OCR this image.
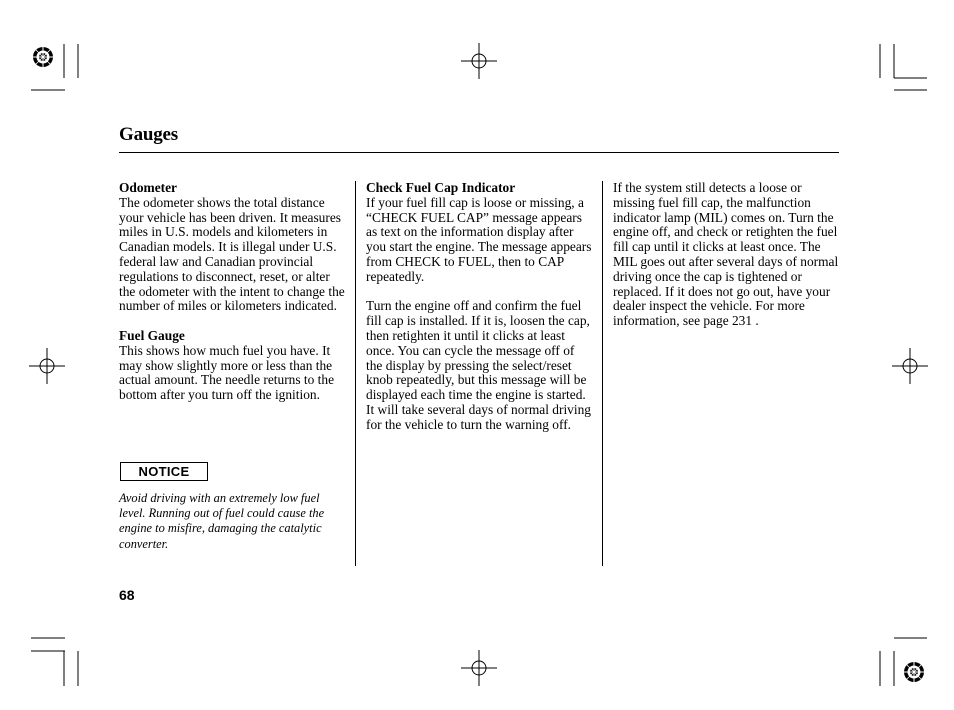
Gauges

Odometer
The odometer shows the total distance your vehicle has been driven. It measures miles in U.S. models and kilometers in Canadian models. It is illegal under U.S. federal law and Canadian provincial regulations to disconnect, reset, or alter the odometer with the intent to change the number of miles or kilometers indicated.

Fuel Gauge
This shows how much fuel you have. It may show slightly more or less than the actual amount. The needle returns to the bottom after you turn off the ignition.

NOTICE
Avoid driving with an extremely low fuel level. Running out of fuel could cause the engine to misfire, damaging the catalytic converter.

Check Fuel Cap Indicator
If your fuel fill cap is loose or missing, a “CHECK FUEL CAP” message appears as text on the information display after you start the engine. The message appears from CHECK to FUEL, then to CAP repeatedly.

Turn the engine off and confirm the fuel fill cap is installed. If it is, loosen the cap, then retighten it until it clicks at least once. You can cycle the message off of the display by pressing the select/reset knob repeatedly, but this message will be displayed each time the engine is started. It will take several days of normal driving for the vehicle to turn the warning off.

If the system still detects a loose or missing fuel fill cap, the malfunction indicator lamp (MIL) comes on. Turn the engine off, and check or retighten the fuel fill cap until it clicks at least once. The MIL goes out after several days of normal driving once the cap is tightened or replaced. If it does not go out, have your dealer inspect the vehicle. For more information, see page 231 .

68
